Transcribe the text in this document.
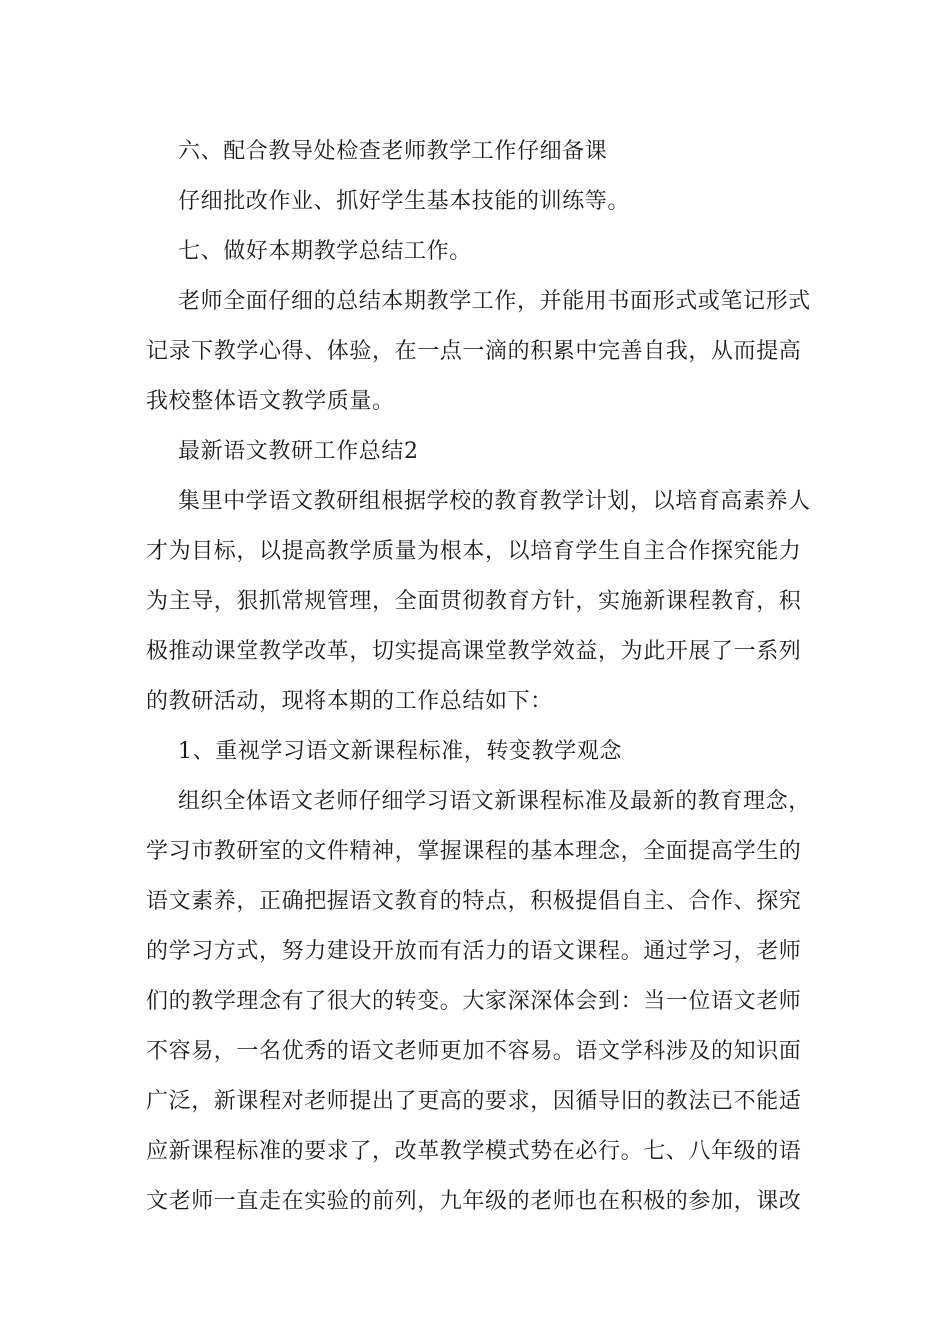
六、配合教导处检查老师教学工作仔细备课
仔细批改作业、抓好学生基本技能的训练等。
七、做好本期教学总结工作。
老师全面仔细的总结本期教学工作，并能用书面形式或笔记形式
记录下教学心得、体验，在一点一滴的积累中完善自我，从而提高
我校整体语文教学质量。
最新语文教研工作总结2
集里中学语文教研组根据学校的教育教学计划，以培育高素养人
才为目标，以提高教学质量为根本，以培育学生自主合作探究能力
为主导，狠抓常规管理，全面贯彻教育方针，实施新课程教育，积
极推动课堂教学改革，切实提高课堂教学效益，为此开展了一系列
的教研活动，现将本期的工作总结如下：
1、重视学习语文新课程标准，转变教学观念
组织全体语文老师仔细学习语文新课程标准及最新的教育理念，
学习市教研室的文件精神，掌握课程的基本理念，全面提高学生的
语文素养，正确把握语文教育的特点，积极提倡自主、合作、探究
的学习方式，努力建设开放而有活力的语文课程。通过学习，老师
们的教学理念有了很大的转变。大家深深体会到：当一位语文老师
不容易，一名优秀的语文老师更加不容易。语文学科涉及的知识面
广泛，新课程对老师提出了更高的要求，因循导旧的教法已不能适
应新课程标准的要求了，改革教学模式势在必行。七、八年级的语
文老师一直走在实验的前列，九年级的老师也在积极的参加，课改
